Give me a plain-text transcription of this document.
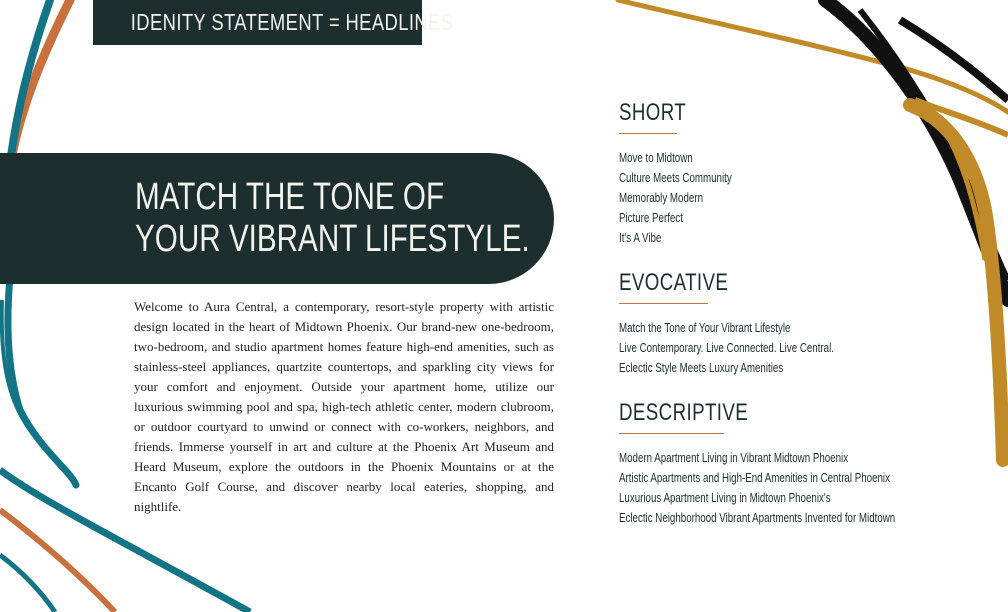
IDENITY STATEMENT = HEADLINES
MATCH THE TONE OF
YOUR VIBRANT LIFESTYLE.

Welcome to Aura Central, a contemporary, resort-style property with artistic design located in the heart of Midtown Phoenix. Our brand-new one-bedroom, two-bedroom, and studio apartment homes feature high-end amenities, such as stainless-steel appliances, quartzite countertops, and sparkling city views for your comfort and enjoyment. Outside your apartment home, utilize our luxurious swimming pool and spa, high-tech athletic center, modern clubroom, or outdoor courtyard to unwind or connect with co-workers, neighbors, and friends. Immerse yourself in art and culture at the Phoenix Art Museum and Heard Museum, explore the outdoors in the Phoenix Mountains or at the Encanto Golf Course, and discover nearby local eateries, shopping, and nightlife.

SHORT
Move to Midtown
Culture Meets Community
Memorably Modern
Picture Perfect
It's A Vibe
EVOCATIVE
Match the Tone of Your Vibrant Lifestyle
Live Contemporary. Live Connected. Live Central.
Eclectic Style Meets Luxury Amenities
DESCRIPTIVE
Modern Apartment Living in Vibrant Midtown Phoenix
Artistic Apartments and High-End Amenities in Central Phoenix
Luxurious Apartment Living in Midtown Phoenix's
Eclectic Neighborhood Vibrant Apartments Invented for Midtown
